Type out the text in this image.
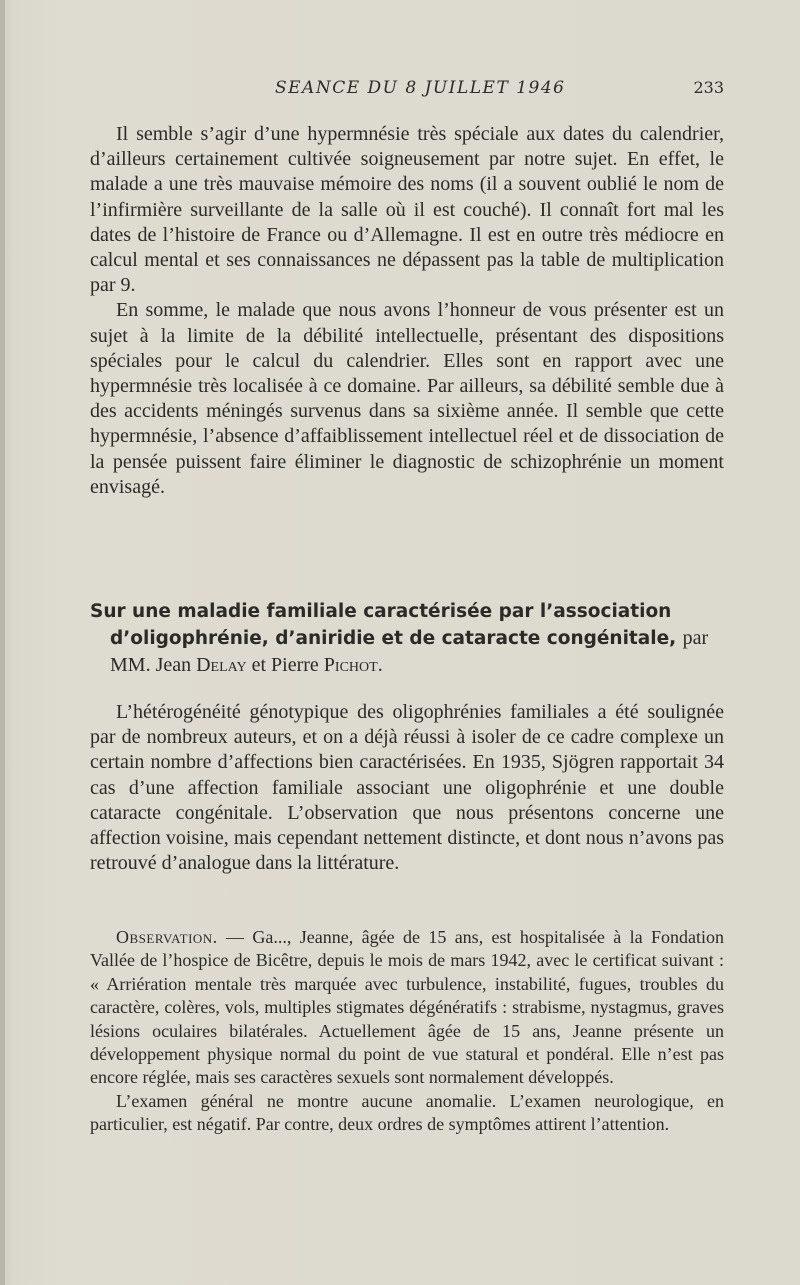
SEANCE DU 8 JUILLET 1946	233

Il semble s’agir d’une hypermnésie très spéciale aux dates du calendrier, d’ailleurs certainement cultivée soigneusement par notre sujet. En effet, le malade a une très mauvaise mémoire des noms (il a souvent oublié le nom de l’infirmière surveillante de la salle où il est couché). Il connaît fort mal les dates de l’histoire de France ou d’Allemagne. Il est en outre très médiocre en calcul mental et ses connaissances ne dépassent pas la table de multiplication par 9.

En somme, le malade que nous avons l’honneur de vous présenter est un sujet à la limite de la débilité intellectuelle, présentant des dispositions spéciales pour le calcul du calendrier. Elles sont en rapport avec une hypermnésie très localisée à ce domaine. Par ailleurs, sa débilité semble due à des accidents méningés survenus dans sa sixième année. Il semble que cette hypermnésie, l’absence d’affaiblissement intellectuel réel et de dissociation de la pensée puissent faire éliminer le diagnostic de schizophrénie un moment envisagé.

Sur une maladie familiale caractérisée par l’association
d’oligophrénie, d’aniridie et de cataracte congénitale, par
MM. Jean Delay et Pierre Pichot.

L’hétérogénéité génotypique des oligophrénies familiales a été soulignée par de nombreux auteurs, et on a déjà réussi à isoler de ce cadre complexe un certain nombre d’affections bien caractérisées. En 1935, Sjögren rapportait 34 cas d’une affection familiale associant une oligophrénie et une double cataracte congénitale. L’observation que nous présentons concerne une affection voisine, mais cependant nettement distincte, et dont nous n’avons pas retrouvé d’analogue dans la littérature.

Observation. — Ga..., Jeanne, âgée de 15 ans, est hospitalisée à la Fondation Vallée de l’hospice de Bicêtre, depuis le mois de mars 1942, avec le certificat suivant : « Arriération mentale très marquée avec turbulence, instabilité, fugues, troubles du caractère, colères, vols, multiples stigmates dégénératifs : strabisme, nystagmus, graves lésions oculaires bilatérales. Actuellement âgée de 15 ans, Jeanne présente un développement physique normal du point de vue statural et pondéral. Elle n’est pas encore réglée, mais ses caractères sexuels sont normalement développés.

L’examen général ne montre aucune anomalie. L’examen neurologique, en particulier, est négatif. Par contre, deux ordres de symptômes attirent l’attention.
